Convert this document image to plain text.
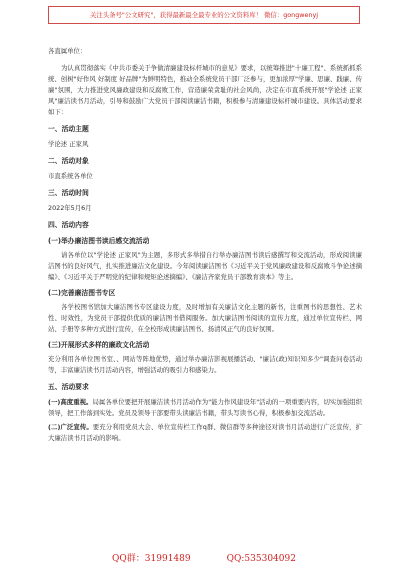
关注头条号"公文研究"，获得最新最全最专业的公文资料库！ 微信：gongwenyj

各直属单位：

为认真贯彻落实《中共市委关于争做清廉建设标杆城市的意见》要求，以统筹推进"十廉工程"、系统抓抓系统、创树"好作风 好制度 好品牌"为鲜明特色，推动全系统党员干部厂泛参与，更加浓厚"学廉、思廉、践廉、传廉"氛围，大力推进党风廉政建设和反腐败工作，营造廉荣贪耻的社会风尚，决定在市直系统开展"学论述 正家风"廉洁读书月活动，引导和鼓励广大党员干部阅读廉洁书籍，积极参与清廉建设标杆城市建设。具体活动要求如下：

一、活动主题

学论述 正家风

二、活动对象

市直系统各单位

三、活动时间

2022年5月6月

四、活动内容
(一)举办廉洁图书读后感交流活动

请各单位以"学论述 正家风"为主题，多形式多举措自行举办廉洁图书读后感撰写和交流活动，形成阅读廉洁图书的良好风气，扎实推进廉洁文化建设。今年阅读廉洁图书《习近平关于党风廉政建设和反腐败斗争论述摘编》、《习近平关于严明党的纪律和规矩论述摘编》、《廉洁齐家党员干部教育读本》等主。

(二)完善廉洁图书专区

各学校图书馆加大廉洁图书专区建设力度，及时增加有关廉洁文化主题的新书，注重图书的思想性、艺术性、时效性，为党员干部提供优质的廉洁图书借阅服务。加大廉洁图书阅读的宣传力度，通过单位宣传栏、网站、手册等多种方式进行宣传，在全校形成读廉洁图书、扬清风正气的良好氛围。

(三)开展形式多样的廉政文化活动

充分利用各单位图书室、、网站等阵地优势，通过举办廉洁影视展播活动、"廉洁(政)知识知多少"调查问卷活动等，丰富廉洁读书月活动内容，增强活动的吸引力和感染力。

五、活动要求

(一)高度重视。局属各单位要把开展廉洁读书月活动作为"能力作风建设年"活动的一项重要内容，切实加强组织领导，把工作落到实处。党员及领导干部要带头读廉洁书籍，带头写读书心得，积极参加交流活动。

(二)广泛宣传。要充分利用党员大会、单位宣传栏工作q群、微信群等多种途径对读书月活动进行广泛宣传，扩大廉洁读书月活动的影响。

QQ群：31991489	QQ:535304092
